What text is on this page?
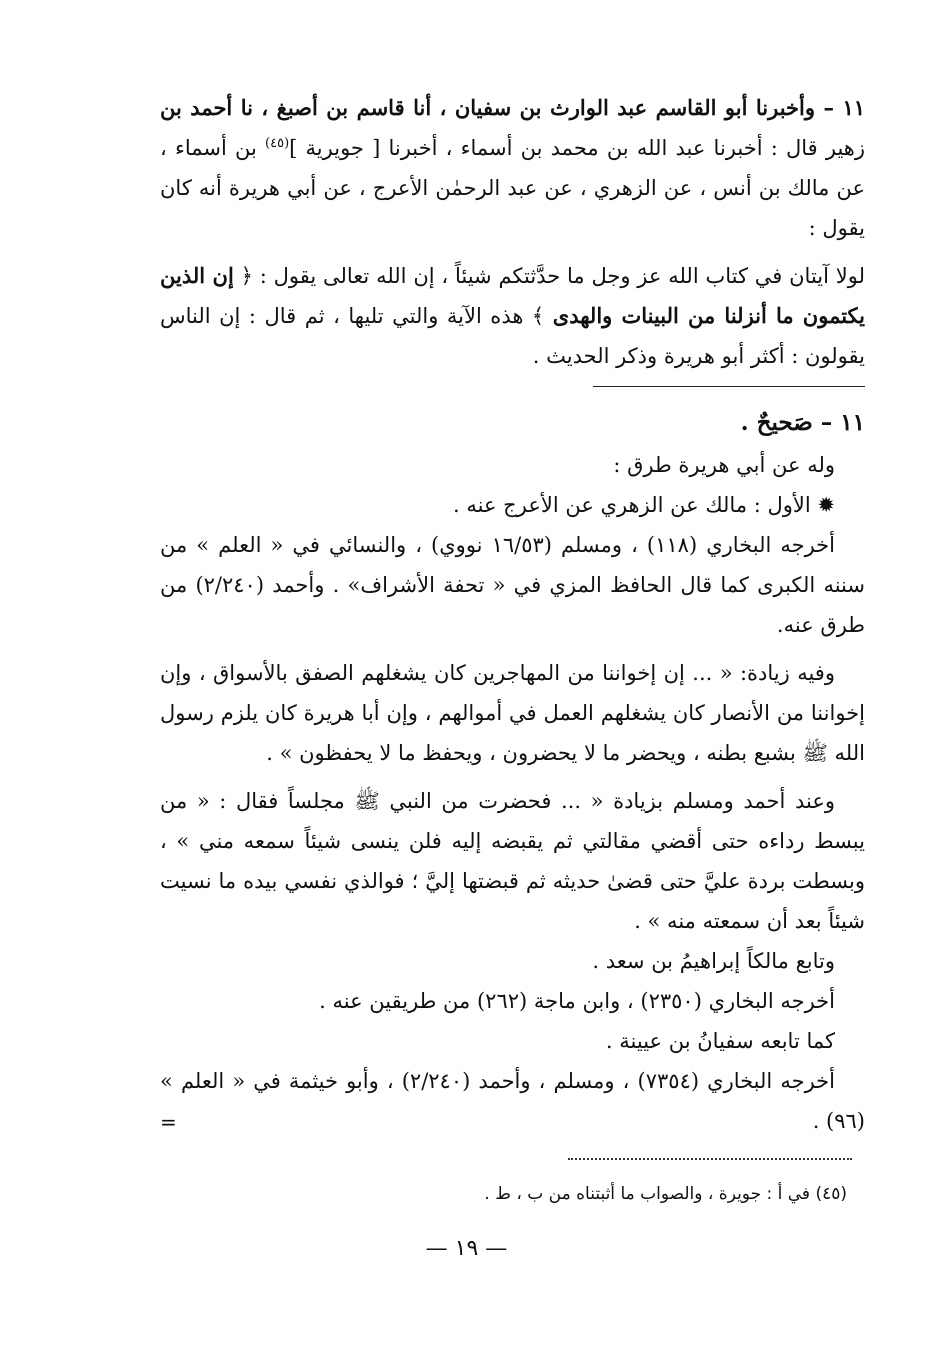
١١ – وأخبرنا أبو القاسم عبد الوارث بن سفيان ، أنا قاسم بن أصبغ ، نا أحمد بن زهير قال : أخبرنا عبد الله بن محمد بن أسماء ، أخبرنا [ جويرية ]$^{(٤٥)}$ بن أسماء ، عن مالك بن أنس ، عن الزهري ، عن عبد الرحمٰن الأعرج ، عن أبي هريرة أنه كان يقول :

لولا آيتان في كتاب الله عز وجل ما حدَّثتكم شيئاً ، إن الله تعالى يقول : ﴿ إن الذين يكتمون ما أنزلنا من البينات والهدى ﴾ هذه الآية والتي تليها ، ثم قال : إن الناس يقولون : أكثر أبو هريرة وذكر الحديث .

١١ – صَحيحٌ .

وله عن أبي هريرة طرق :

✹ الأول : مالك عن الزهري عن الأعرج عنه .

أخرجه البخاري (١١٨) ، ومسلم (١٦/٥٣ نووي) ، والنسائي في « العلم » من سننه الكبرى كما قال الحافظ المزي في « تحفة الأشراف» . وأحمد (٢/٢٤٠) من طرق عنه.

وفيه زيادة: « ... إن إخواننا من المهاجرين كان يشغلهم الصفق بالأسواق ، وإن إخواننا من الأنصار كان يشغلهم العمل في أموالهم ، وإن أبا هريرة كان يلزم رسول الله ﷺ بشبع بطنه ، ويحضر ما لا يحضرون ، ويحفظ ما لا يحفظون » .

وعند أحمد ومسلم بزيادة « ... فحضرت من النبي ﷺ مجلساً فقال : « من يبسط رداءه حتى أقضي مقالتي ثم يقبضه إليه فلن ينسى شيئاً سمعه مني » ، وبسطت بردة عليَّ حتى قضىٰ حديثه ثم قبضتها إليَّ ؛ فوالذي نفسي بيده ما نسيت شيئاً بعد أن سمعته منه » .

وتابع مالكاً إبراهيمُ بن سعد .

أخرجه البخاري (٢٣٥٠) ، وابن ماجة (٢٦٢) من طريقين عنه .

كما تابعه سفيانُ بن عيينة .

أخرجه البخاري (٧٣٥٤) ، ومسلم ، وأحمد (٢/٢٤٠) ، وأبو خيثمة في « العلم » (٩٦) .

=
(٤٥) في أ : جويرة ، والصواب ما أثبتناه من ب ، ط .
— ١٩ —
